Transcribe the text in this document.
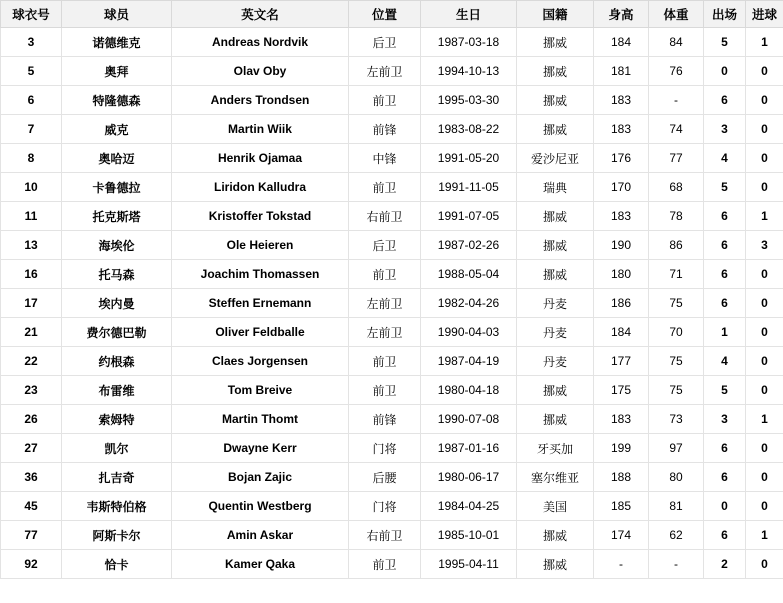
球衣号	球员	英文名	位置	生日	国籍	身高	体重	出场	进球
3	诺德维克	Andreas Nordvik	后卫	1987-03-18	挪威	184	84	5	1
5	奥拜	Olav Oby	左前卫	1994-10-13	挪威	181	76	0	0
6	特隆德森	Anders Trondsen	前卫	1995-03-30	挪威	183	-	6	0
7	威克	Martin Wiik	前锋	1983-08-22	挪威	183	74	3	0
8	奥哈迈	Henrik Ojamaa	中锋	1991-05-20	爱沙尼亚	176	77	4	0
10	卡鲁德拉	Liridon Kalludra	前卫	1991-11-05	瑞典	170	68	5	0
11	托克斯塔	Kristoffer Tokstad	右前卫	1991-07-05	挪威	183	78	6	1
13	海埃伦	Ole Heieren	后卫	1987-02-26	挪威	190	86	6	3
16	托马森	Joachim Thomassen	前卫	1988-05-04	挪威	180	71	6	0
17	埃内曼	Steffen Ernemann	左前卫	1982-04-26	丹麦	186	75	6	0
21	费尔德巴勒	Oliver Feldballe	左前卫	1990-04-03	丹麦	184	70	1	0
22	约根森	Claes Jorgensen	前卫	1987-04-19	丹麦	177	75	4	0
23	布雷维	Tom Breive	前卫	1980-04-18	挪威	175	75	5	0
26	索姆特	Martin Thomt	前锋	1990-07-08	挪威	183	73	3	1
27	凯尔	Dwayne Kerr	门将	1987-01-16	牙买加	199	97	6	0
36	扎吉奇	Bojan Zajic	后腰	1980-06-17	塞尔维亚	188	80	6	0
45	韦斯特伯格	Quentin Westberg	门将	1984-04-25	美国	185	81	0	0
77	阿斯卡尔	Amin Askar	右前卫	1985-10-01	挪威	174	62	6	1
92	恰卡	Kamer Qaka	前卫	1995-04-11	挪威	-	-	2	0
